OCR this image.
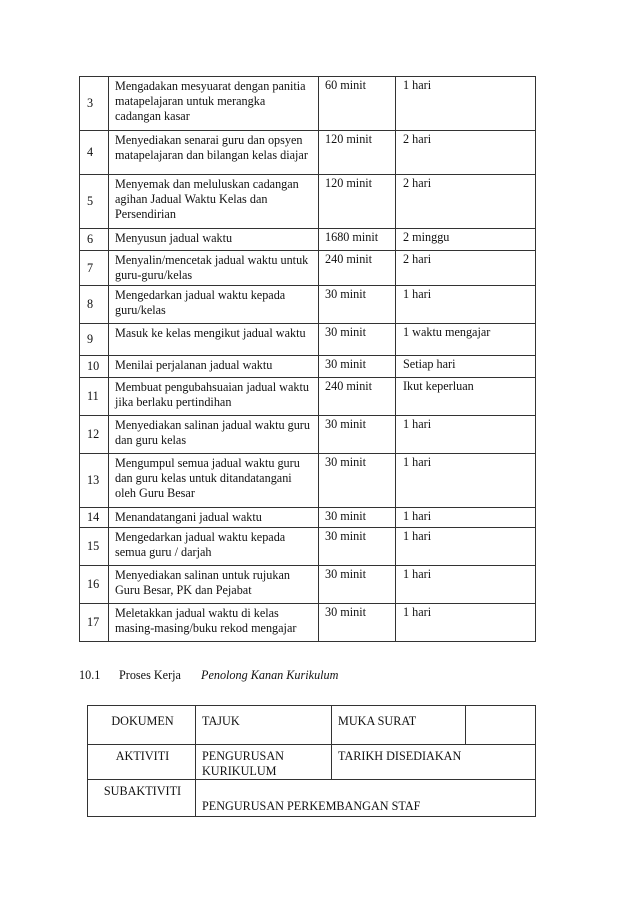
3	Mengadakan mesyuarat dengan panitia matapelajaran untuk merangka cadangan kasar	60 minit	1 hari
4	Menyediakan senarai guru dan opsyen matapelajaran dan bilangan kelas diajar	120 minit	2 hari
5	Menyemak dan meluluskan cadangan agihan Jadual Waktu Kelas dan Persendirian	120 minit	2 hari
6	Menyusun jadual waktu	1680 minit	2 minggu
7	Menyalin/mencetak jadual waktu untuk guru-guru/kelas	240 minit	2 hari
8	Mengedarkan jadual waktu kepada guru/kelas	30 minit	1 hari
9	Masuk ke kelas mengikut jadual waktu	30 minit	1 waktu mengajar
10	Menilai perjalanan jadual waktu	30 minit	Setiap hari
11	Membuat pengubahsuaian jadual waktu jika berlaku pertindihan	240 minit	Ikut keperluan
12	Menyediakan salinan jadual waktu guru dan guru kelas	30 minit	1 hari
13	Mengumpul semua jadual waktu guru dan guru kelas untuk ditandatangani oleh Guru Besar	30 minit	1 hari
14	Menandatangani jadual waktu	30 minit	1 hari
15	Mengedarkan jadual waktu kepada semua guru / darjah	30 minit	1 hari
16	Menyediakan salinan untuk rujukan Guru Besar, PK dan Pejabat	30 minit	1 hari
17	Meletakkan jadual waktu di kelas masing-masing/buku rekod mengajar	30 minit	1 hari
10.1 Proses Kerja Penolong Kanan Kurikulum
DOKUMEN	TAJUK	MUKA SURAT	
AKTIVITI	PENGURUSAN KURIKULUM	TARIKH DISEDIAKAN	
SUBAKTIVITI	PENGURUSAN PERKEMBANGAN STAF		
